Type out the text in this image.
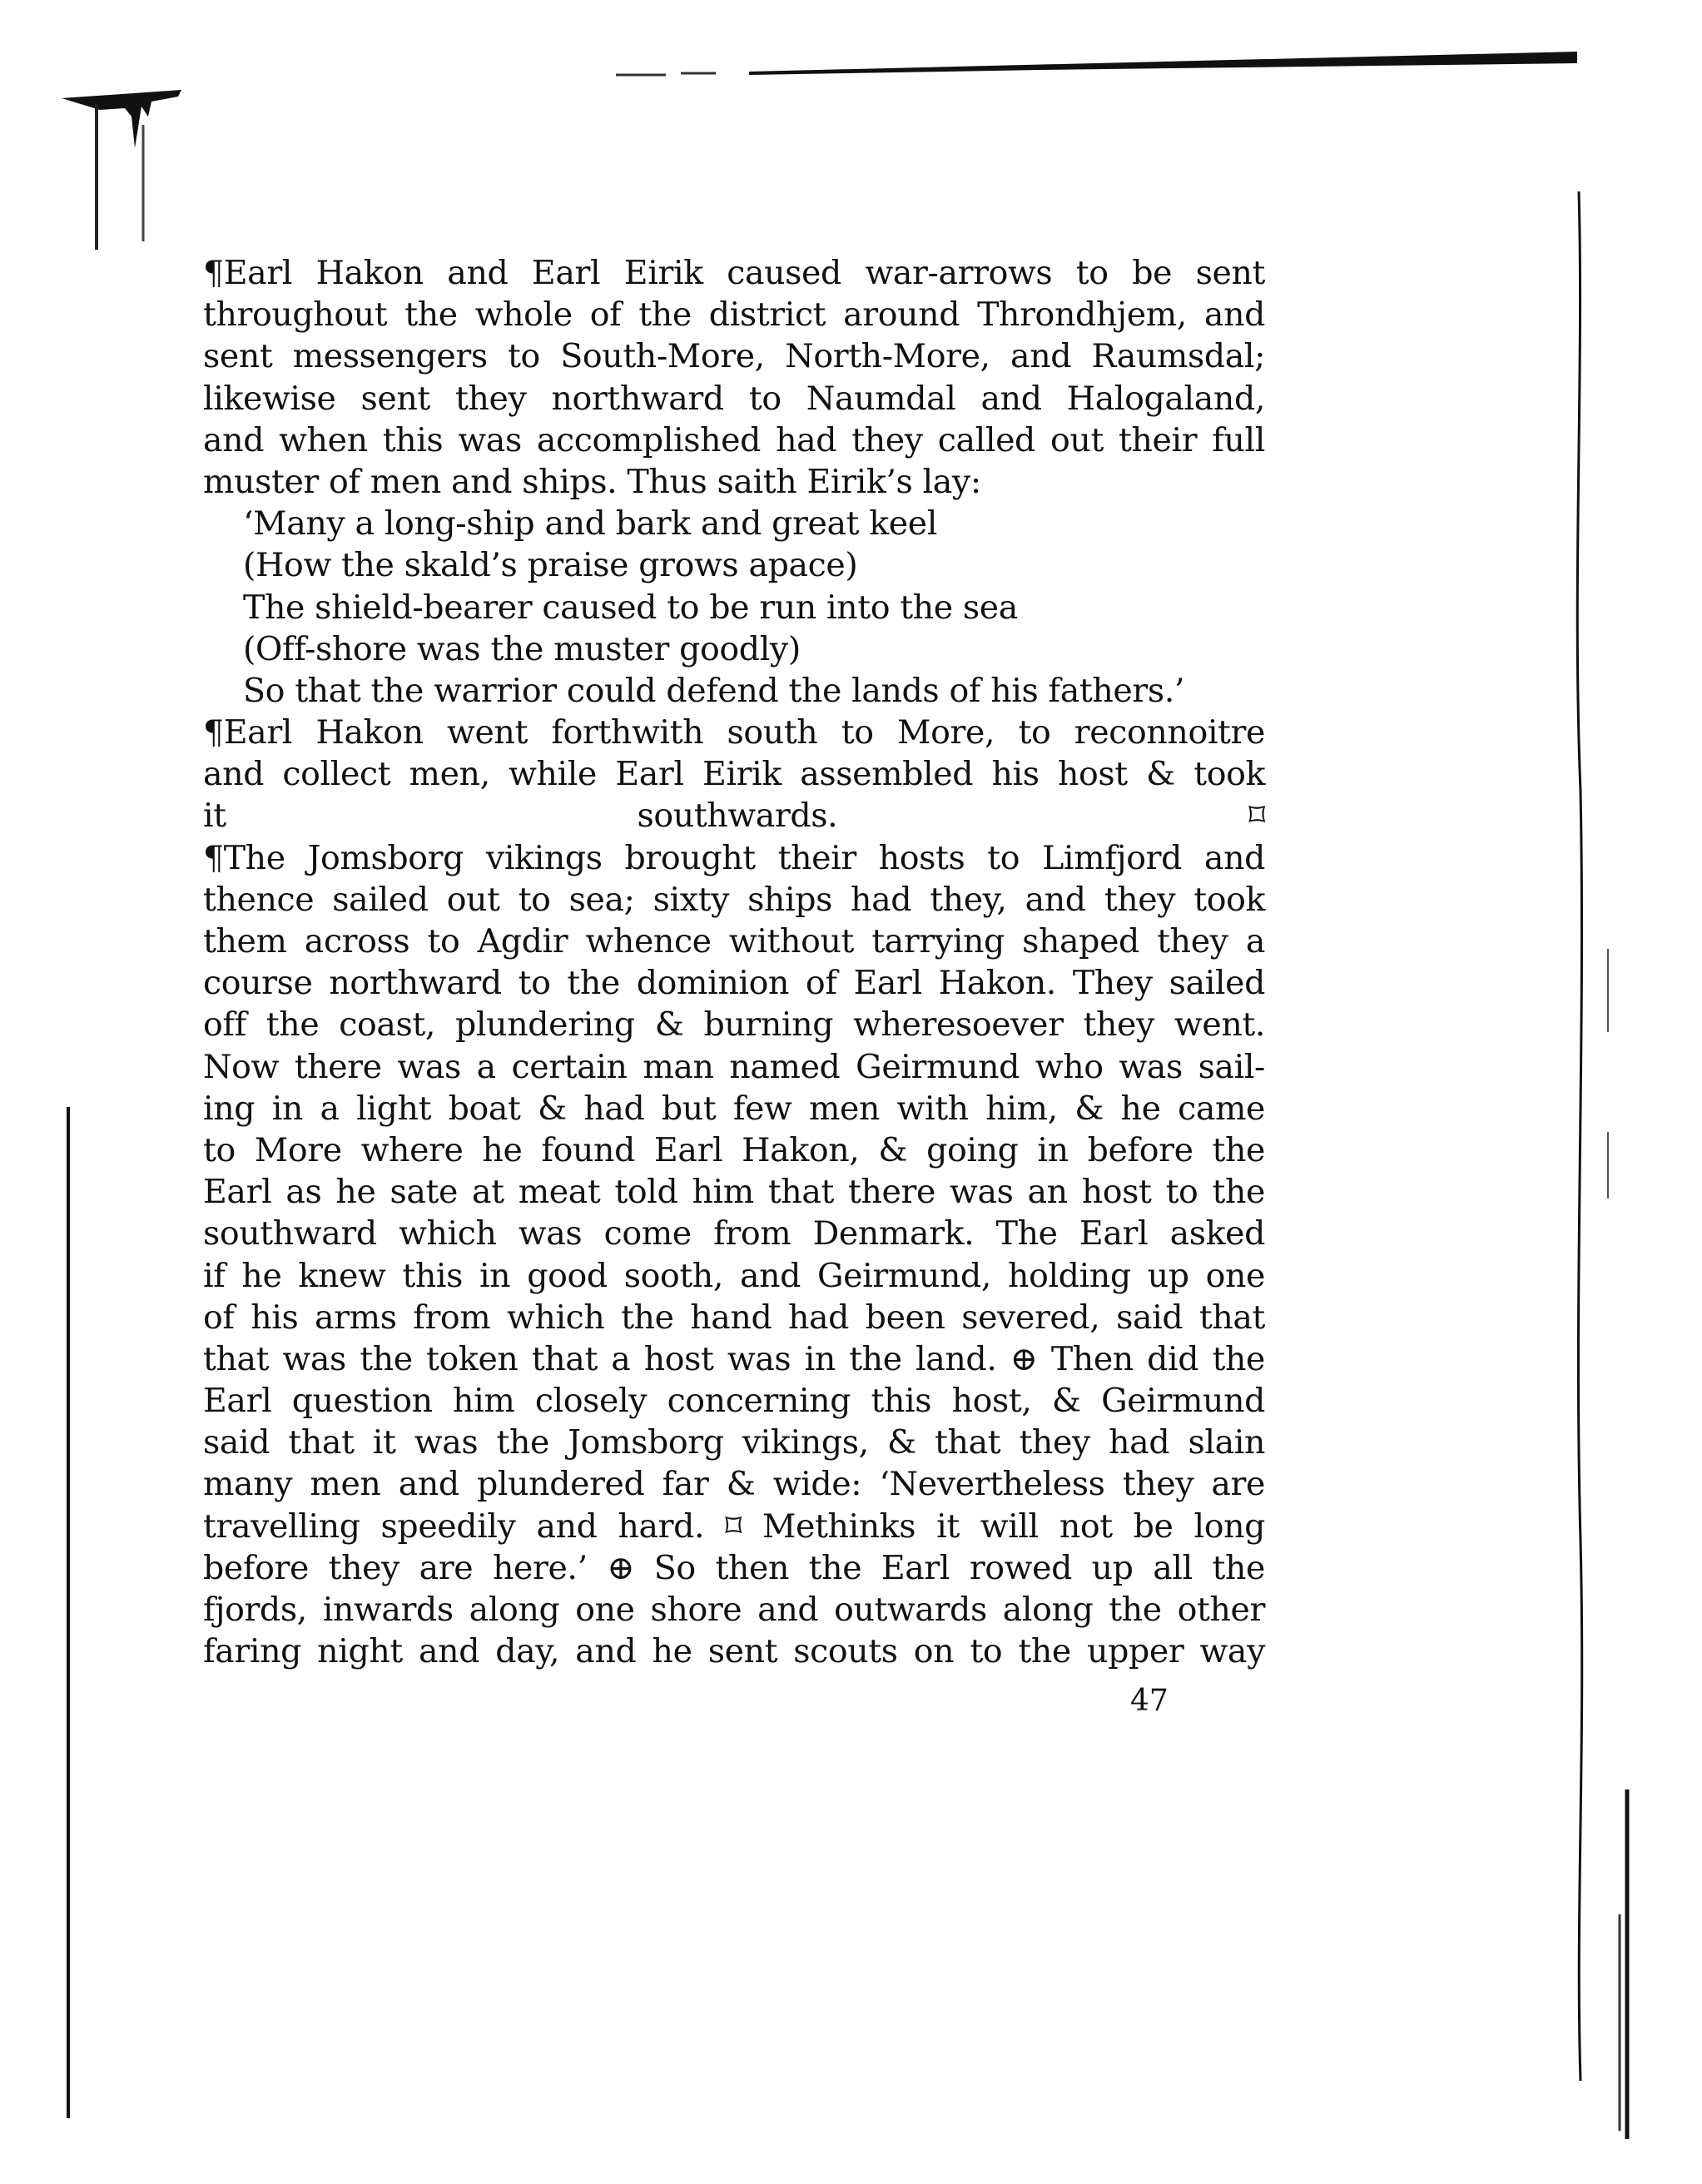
¶Earl Hakon and Earl Eirik caused war-arrows to be sent
throughout the whole of the district around Throndhjem, and
sent messengers to South-More, North-More, and Raumsdal;
likewise sent they northward to Naumdal and Halogaland,
and when this was accomplished had they called out their full
muster of men and ships. Thus saith Eirik’s lay:
‘Many a long-ship and bark and great keel
(How the skald’s praise grows apace)
The shield-bearer caused to be run into the sea
(Off-shore was the muster goodly)
So that the warrior could defend the lands of his fathers.’
¶Earl Hakon went forthwith south to More, to reconnoitre
and collect men, while Earl Eirik assembled his host & took
it southwards. ⌑
¶The Jomsborg vikings brought their hosts to Limfjord and
thence sailed out to sea; sixty ships had they, and they took
them across to Agdir whence without tarrying shaped they a
course northward to the dominion of Earl Hakon. They sailed
off the coast, plundering & burning wheresoever they went.
Now there was a certain man named Geirmund who was sail-
ing in a light boat & had but few men with him, & he came
to More where he found Earl Hakon, & going in before the
Earl as he sate at meat told him that there was an host to the
southward which was come from Denmark. The Earl asked
if he knew this in good sooth, and Geirmund, holding up one
of his arms from which the hand had been severed, said that
that was the token that a host was in the land. ⊕ Then did the
Earl question him closely concerning this host, & Geirmund
said that it was the Jomsborg vikings, & that they had slain
many men and plundered far & wide: ‘Nevertheless they are
travelling speedily and hard. ⌑ Methinks it will not be long
before they are here.’ ⊕ So then the Earl rowed up all the
fjords, inwards along one shore and outwards along the other
faring night and day, and he sent scouts on to the upper way
47
